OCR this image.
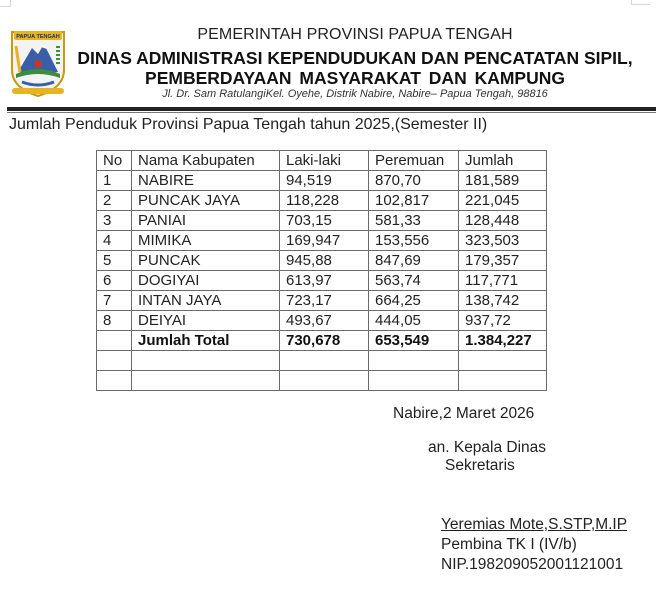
PAPUA TENGAH	PEMERINTAH PROVINSI PAPUA TENGAH
DINAS ADMINISTRASI KEPENDUDUKAN DAN PENCATATAN SIPIL,
PEMBERDAYAAN MASYARAKAT DAN KAMPUNG
Jl. Dr. Sam RatulangiKel. Oyehe, Distrik Nabire, Nabire– Papua Tengah, 98816
Jumlah Penduduk Provinsi Papua Tengah tahun 2025,(Semester II)
No	Nama Kabupaten	Laki-laki	Peremuan	Jumlah
1	NABIRE	94,519	870,70	181,589
2	PUNCAK JAYA	118,228	102,817	221,045
3	PANIAI	703,15	581,33	128,448
4	MIMIKA	169,947	153,556	323,503
5	PUNCAK	945,88	847,69	179,357
6	DOGIYAI	613,97	563,74	117,771
7	INTAN JAYA	723,17	664,25	138,742
8	DEIYAI	493,67	444,05	937,72
	Jumlah Total	730,678	653,549	1.384,227

Nabire,2 Maret 2026
an. Kepala Dinas
Sekretaris
Yeremias Mote,S.STP,M.IP
Pembina TK I (IV/b)
NIP.198209052001121001
